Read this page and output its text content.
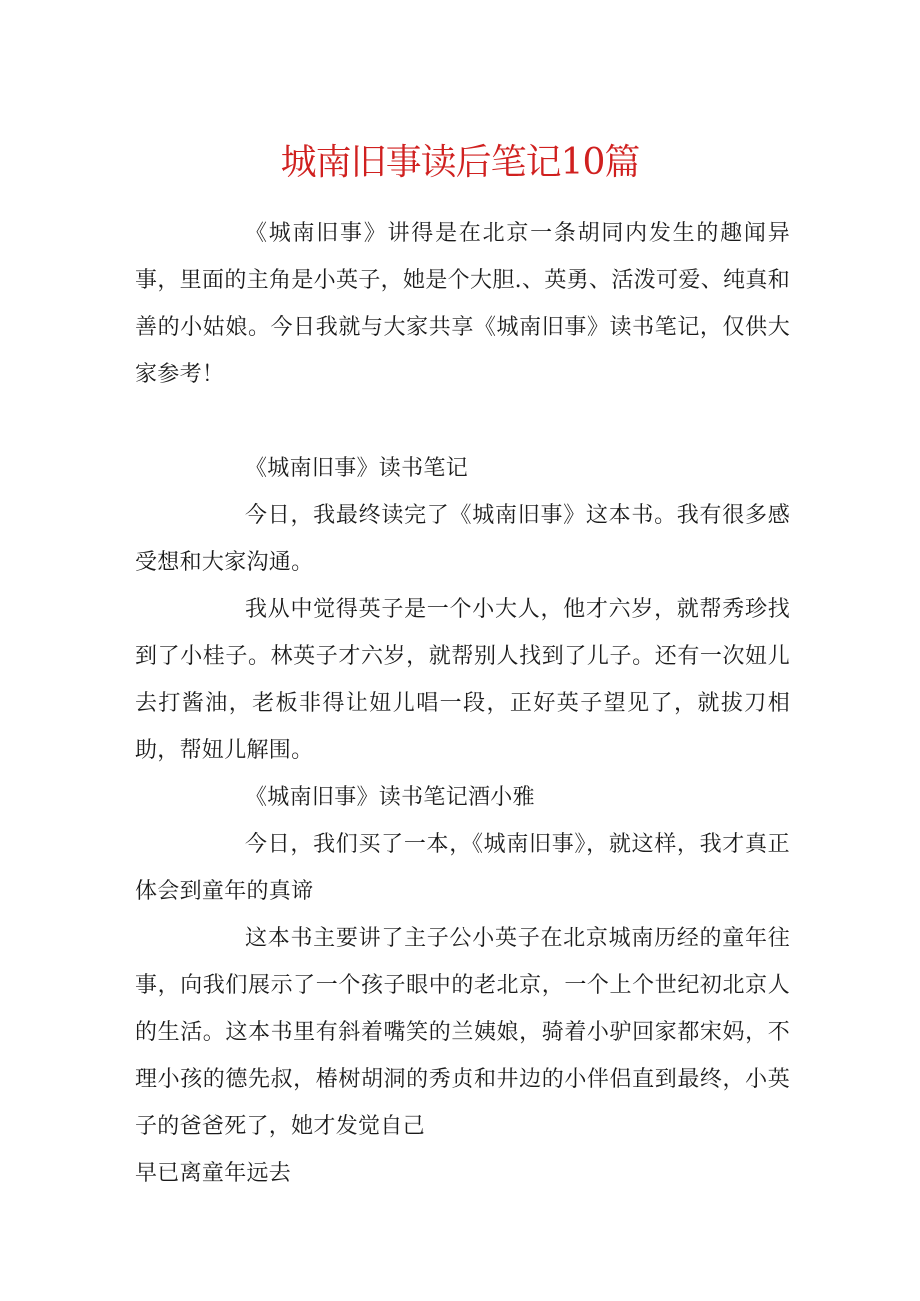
城南旧事读后笔记10篇

《城南旧事》讲得是在北京一条胡同内发生的趣闻异事，里面的主角是小英子，她是个大胆.、英勇、活泼可爱、纯真和善的小姑娘。今日我就与大家共享《城南旧事》读书笔记，仅供大家参考！

《城南旧事》读书笔记

今日，我最终读完了《城南旧事》这本书。我有很多感受想和大家沟通。

我从中觉得英子是一个小大人，他才六岁，就帮秀珍找到了小桂子。林英子才六岁，就帮别人找到了儿子。还有一次妞儿去打酱油，老板非得让妞儿唱一段，正好英子望见了，就拔刀相助，帮妞儿解围。

《城南旧事》读书笔记酒小雅

今日，我们买了一本，《城南旧事》，就这样，我才真正体会到童年的真谛

这本书主要讲了主子公小英子在北京城南历经的童年往事，向我们展示了一个孩子眼中的老北京，一个上个世纪初北京人的生活。这本书里有斜着嘴笑的兰姨娘，骑着小驴回家都宋妈，不理小孩的德先叔，椿树胡洞的秀贞和井边的小伴侣直到最终，小英子的爸爸死了，她才发觉自己

早已离童年远去
